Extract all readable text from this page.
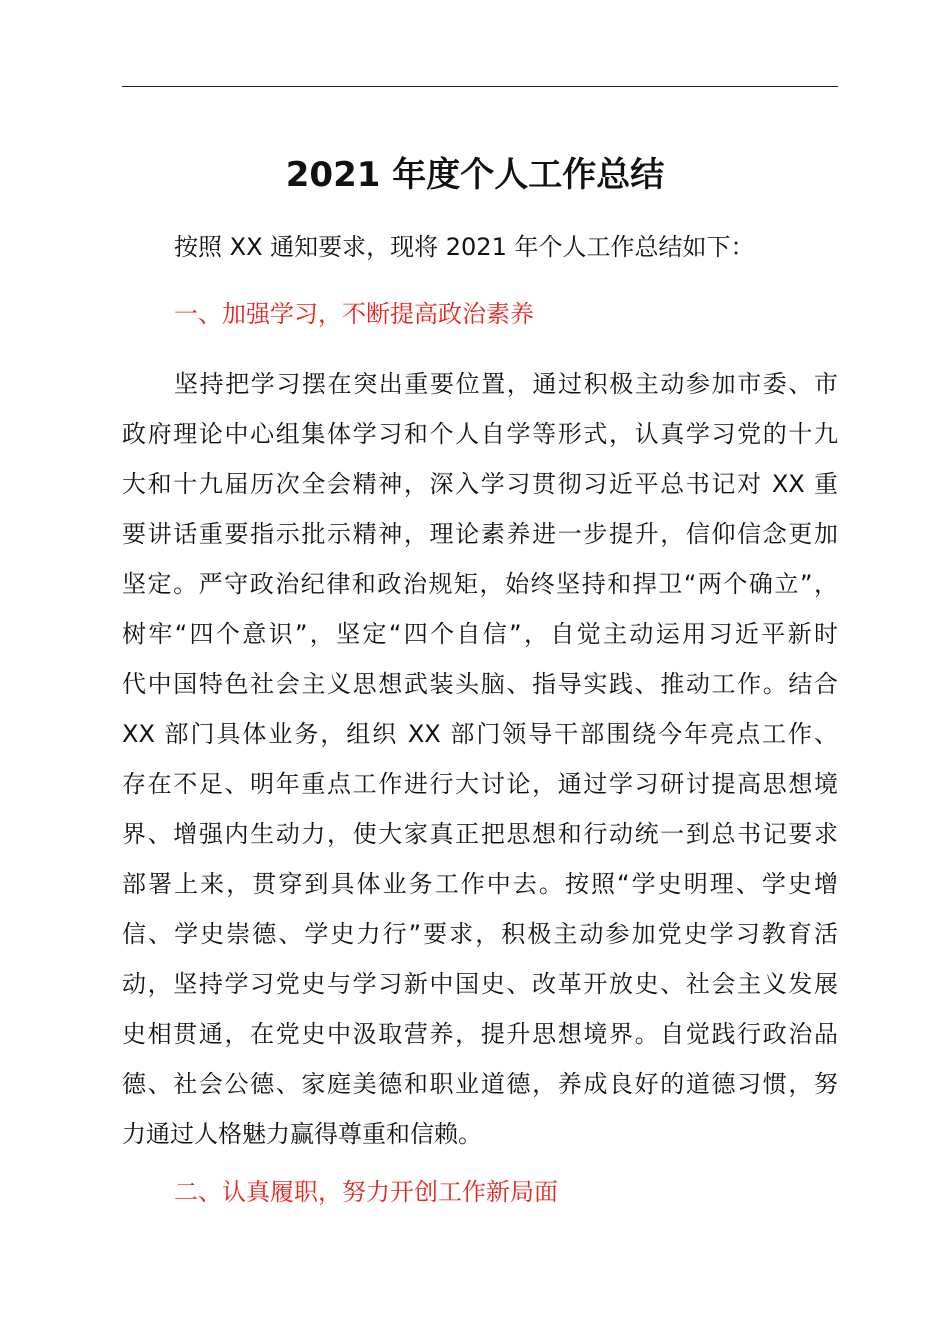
2021 年度个人工作总结
按照 XX 通知要求，现将 2021 年个人工作总结如下：
一、加强学习，不断提高政治素养
坚持把学习摆在突出重要位置，通过积极主动参加市委、市
政府理论中心组集体学习和个人自学等形式，认真学习党的十九
大和十九届历次全会精神，深入学习贯彻习近平总书记对 XX 重
要讲话重要指示批示精神，理论素养进一步提升，信仰信念更加
坚定。严守政治纪律和政治规矩，始终坚持和捍卫“两个确立”，
树牢“四个意识”，坚定“四个自信”，自觉主动运用习近平新时
代中国特色社会主义思想武装头脑、指导实践、推动工作。结合
XX 部门具体业务，组织 XX 部门领导干部围绕今年亮点工作、
存在不足、明年重点工作进行大讨论，通过学习研讨提高思想境
界、增强内生动力，使大家真正把思想和行动统一到总书记要求
部署上来，贯穿到具体业务工作中去。按照“学史明理、学史增
信、学史崇德、学史力行”要求，积极主动参加党史学习教育活
动，坚持学习党史与学习新中国史、改革开放史、社会主义发展
史相贯通，在党史中汲取营养，提升思想境界。自觉践行政治品
德、社会公德、家庭美德和职业道德，养成良好的道德习惯，努
力通过人格魅力赢得尊重和信赖。
二、认真履职，努力开创工作新局面
